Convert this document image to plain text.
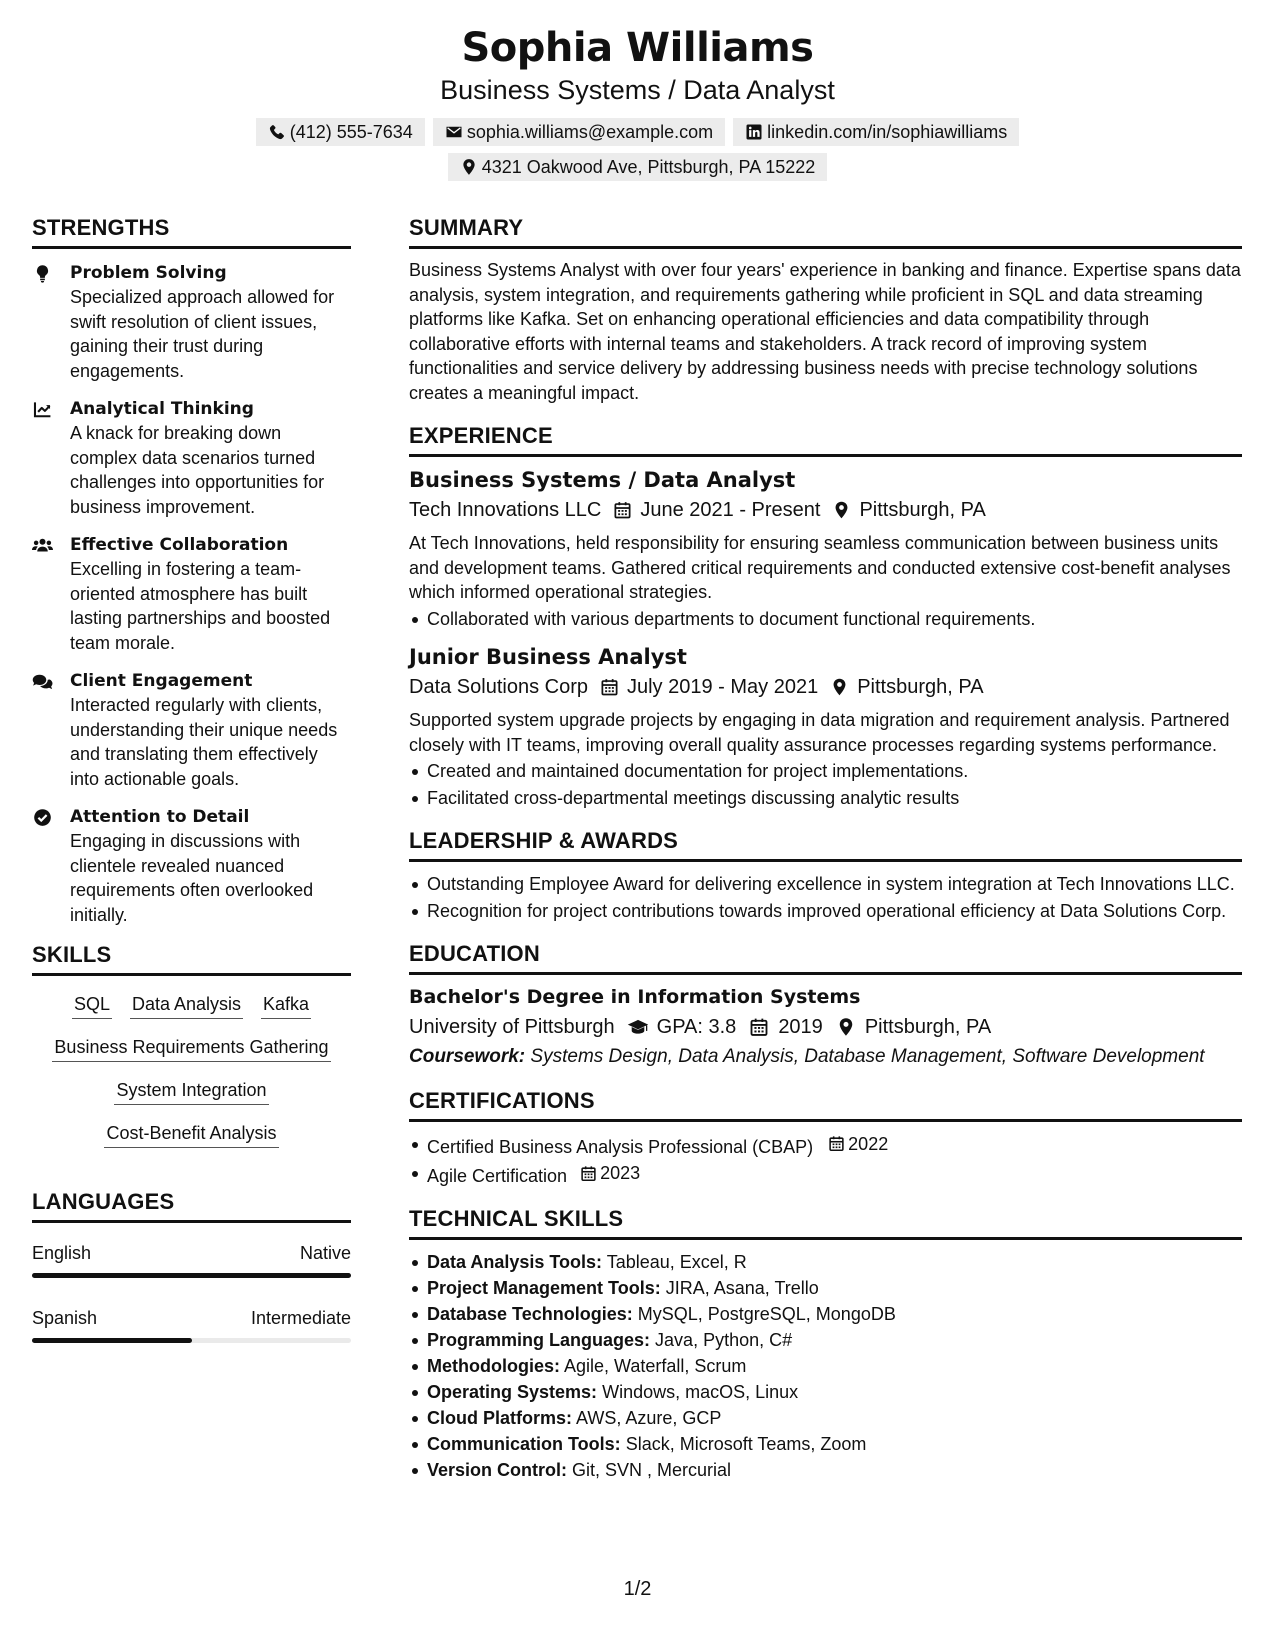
Sophia Williams
Business Systems / Data Analyst
(412) 555-7634	sophia.williams@example.com	linkedin.com/in/sophiawilliams
4321 Oakwood Ave, Pittsburgh, PA 15222
STRENGTHS
Problem Solving
Specialized approach allowed for swift resolution of client issues, gaining their trust during engagements.
Analytical Thinking
A knack for breaking down complex data scenarios turned challenges into opportunities for business improvement.
Effective Collaboration
Excelling in fostering a team-oriented atmosphere has built lasting partnerships and boosted team morale.
Client Engagement
Interacted regularly with clients, understanding their unique needs and translating them effectively into actionable goals.
Attention to Detail
Engaging in discussions with clientele revealed nuanced requirements often overlooked initially.
SKILLS
SQL Data Analysis Kafka
Business Requirements Gathering
System Integration
Cost-Benefit Analysis
LANGUAGES
English	Native
Spanish	Intermediate
SUMMARY
Business Systems Analyst with over four years' experience in banking and finance. Expertise spans data analysis, system integration, and requirements gathering while proficient in SQL and data streaming platforms like Kafka. Set on enhancing operational efficiencies and data compatibility through collaborative efforts with internal teams and stakeholders. A track record of improving system functionalities and service delivery by addressing business needs with precise technology solutions creates a meaningful impact.
EXPERIENCE
Business Systems / Data Analyst
Tech Innovations LLC June 2021 - Present Pittsburgh, PA
At Tech Innovations, held responsibility for ensuring seamless communication between business units and development teams. Gathered critical requirements and conducted extensive cost-benefit analyses which informed operational strategies.
Collaborated with various departments to document functional requirements.
Junior Business Analyst
Data Solutions Corp July 2019 - May 2021 Pittsburgh, PA
Supported system upgrade projects by engaging in data migration and requirement analysis. Partnered closely with IT teams, improving overall quality assurance processes regarding systems performance.
Created and maintained documentation for project implementations.
Facilitated cross-departmental meetings discussing analytic results
LEADERSHIP & AWARDS
Outstanding Employee Award for delivering excellence in system integration at Tech Innovations LLC.
Recognition for project contributions towards improved operational efficiency at Data Solutions Corp.
EDUCATION
Bachelor's Degree in Information Systems
University of Pittsburgh GPA: 3.8 2019 Pittsburgh, PA
Coursework: Systems Design, Data Analysis, Database Management, Software Development
CERTIFICATIONS
Certified Business Analysis Professional (CBAP) 2022
Agile Certification 2023
TECHNICAL SKILLS
Data Analysis Tools: Tableau, Excel, R
Project Management Tools: JIRA, Asana, Trello
Database Technologies: MySQL, PostgreSQL, MongoDB
Programming Languages: Java, Python, C#
Methodologies: Agile, Waterfall, Scrum
Operating Systems: Windows, macOS, Linux
Cloud Platforms: AWS, Azure, GCP
Communication Tools: Slack, Microsoft Teams, Zoom
Version Control: Git, SVN , Mercurial
1/2
